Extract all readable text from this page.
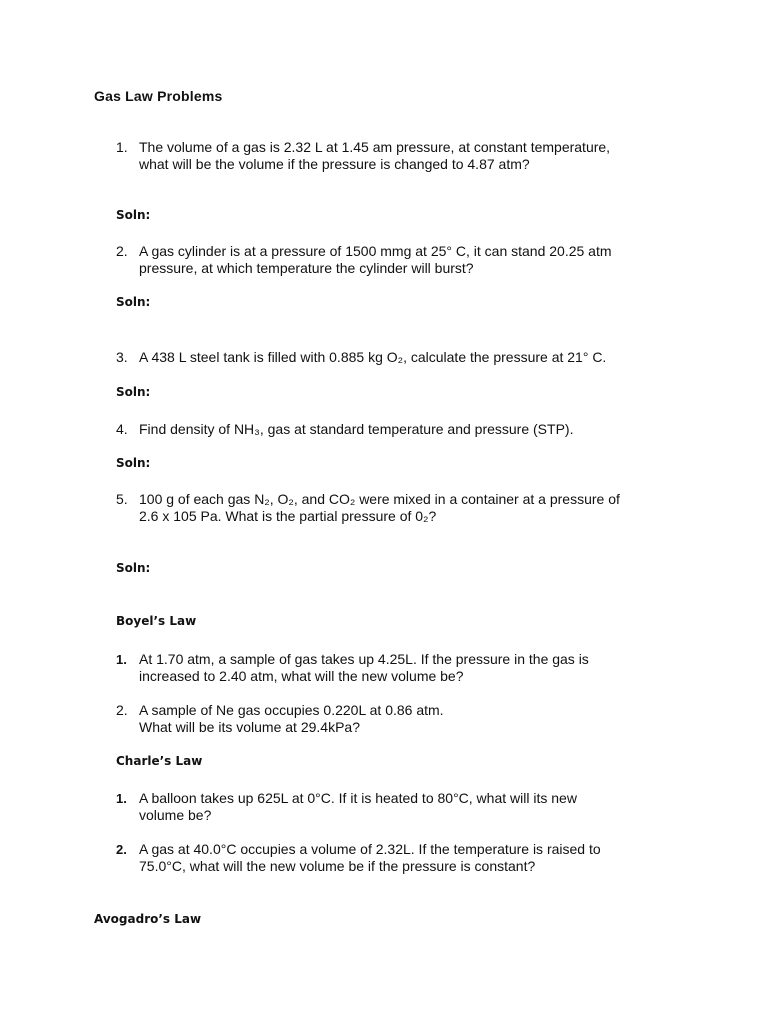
Gas Law Problems
1. The volume of a gas is 2.32 L at 1.45 am pressure, at constant temperature,
what will be the volume if the pressure is changed to 4.87 atm?
Soln:
2. A gas cylinder is at a pressure of 1500 mmg at 25° C, it can stand 20.25 atm
pressure, at which temperature the cylinder will burst?
Soln:
3. A 438 L steel tank is filled with 0.885 kg O₂, calculate the pressure at 21° C.
Soln:
4. Find density of NH₃, gas at standard temperature and pressure (STP).
Soln:
5. 100 g of each gas N₂, O₂, and CO₂ were mixed in a container at a pressure of
2.6 x 105 Pa. What is the partial pressure of 0₂?
Soln:
Boyel’s Law
1. At 1.70 atm, a sample of gas takes up 4.25L. If the pressure in the gas is
increased to 2.40 atm, what will the new volume be?
2. A sample of Ne gas occupies 0.220L at 0.86 atm.
What will be its volume at 29.4kPa?
Charle’s Law
1. A balloon takes up 625L at 0°C. If it is heated to 80°C, what will its new
volume be?
2. A gas at 40.0°C occupies a volume of 2.32L. If the temperature is raised to
75.0°C, what will the new volume be if the pressure is constant?
Avogadro’s Law
